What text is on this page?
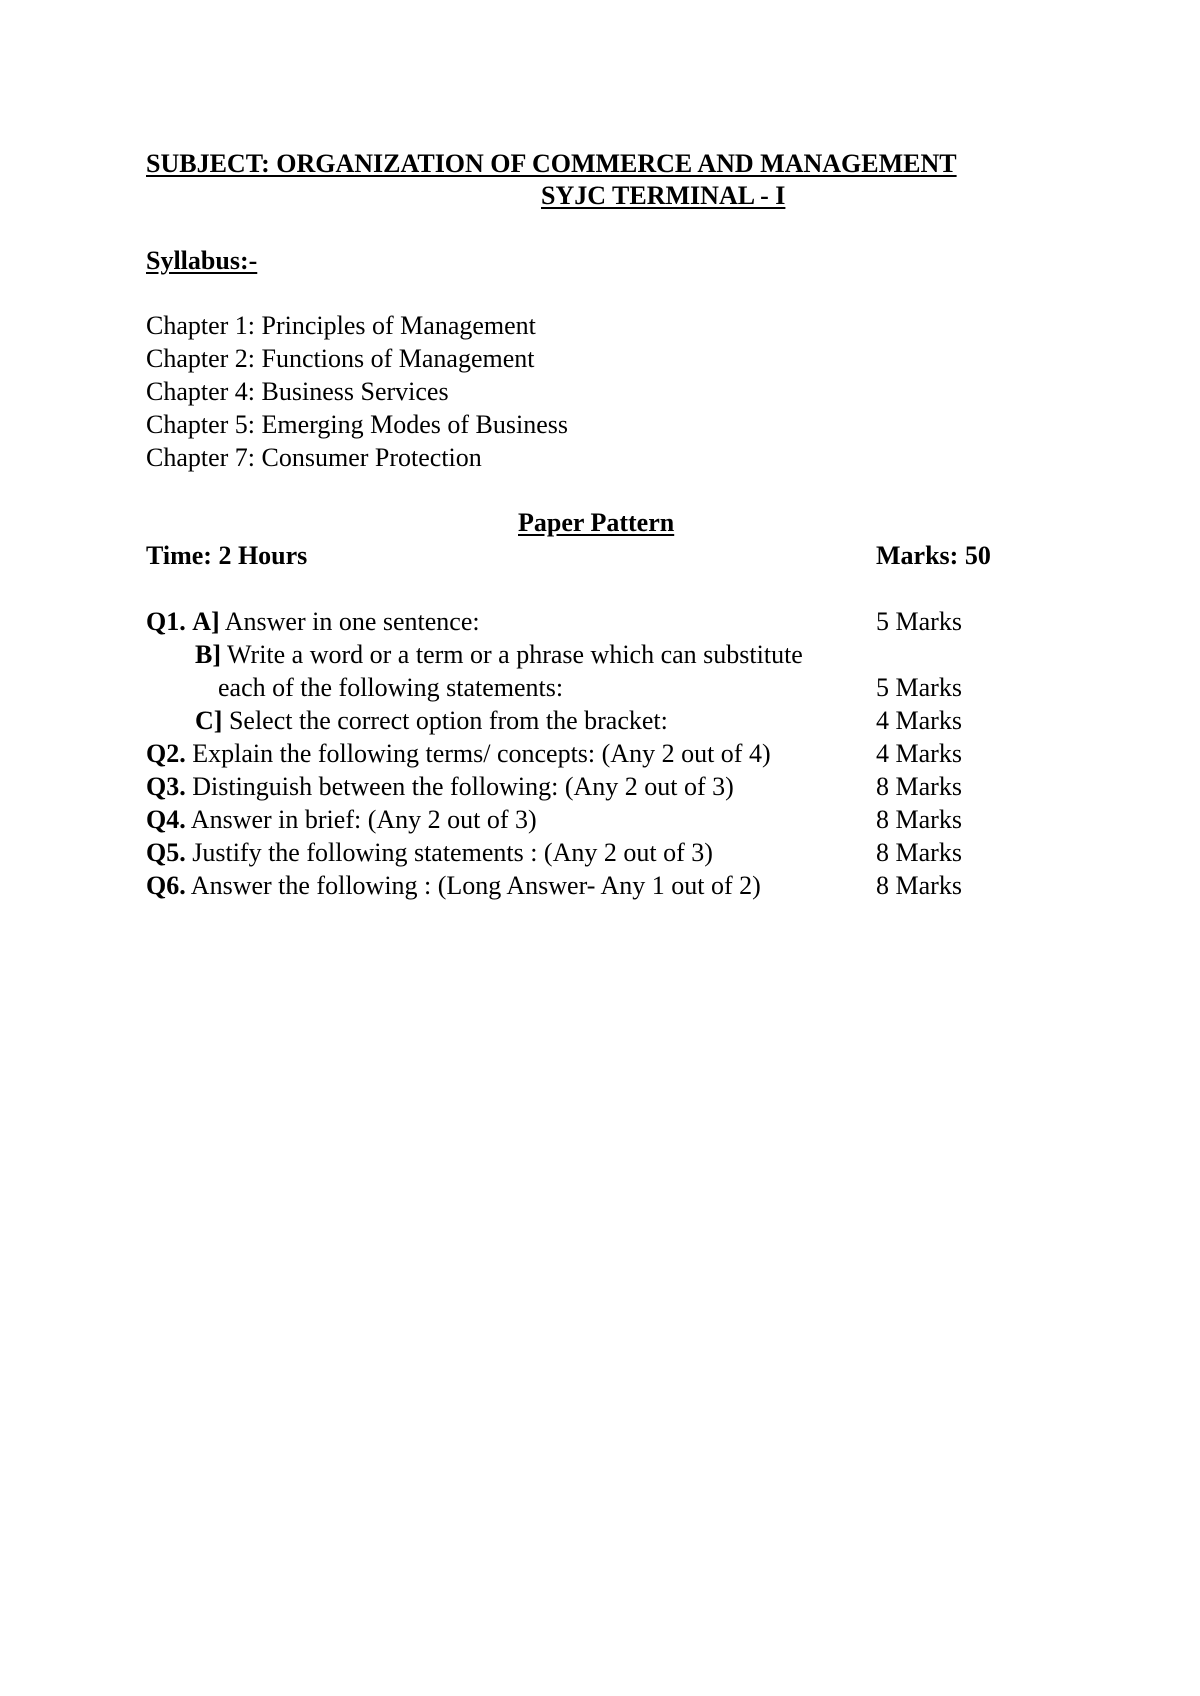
SUBJECT: ORGANIZATION OF COMMERCE AND MANAGEMENT
SYJC TERMINAL - I
Syllabus:-
Chapter 1: Principles of Management
Chapter 2: Functions of Management
Chapter 4: Business Services
Chapter 5: Emerging Modes of Business
Chapter 7: Consumer Protection
Paper Pattern
Time: 2 Hours	Marks: 50
Q1. A] Answer in one sentence:	5 Marks
B] Write a word or a term or a phrase which can substitute
each of the following statements:	5 Marks
C] Select the correct option from the bracket:	4 Marks
Q2. Explain the following terms/ concepts: (Any 2 out of 4)	4 Marks
Q3. Distinguish between the following: (Any 2 out of 3)	8 Marks
Q4. Answer in brief: (Any 2 out of 3)	8 Marks
Q5. Justify the following statements : (Any 2 out of 3)	8 Marks
Q6. Answer the following : (Long Answer- Any 1 out of 2)	8 Marks
